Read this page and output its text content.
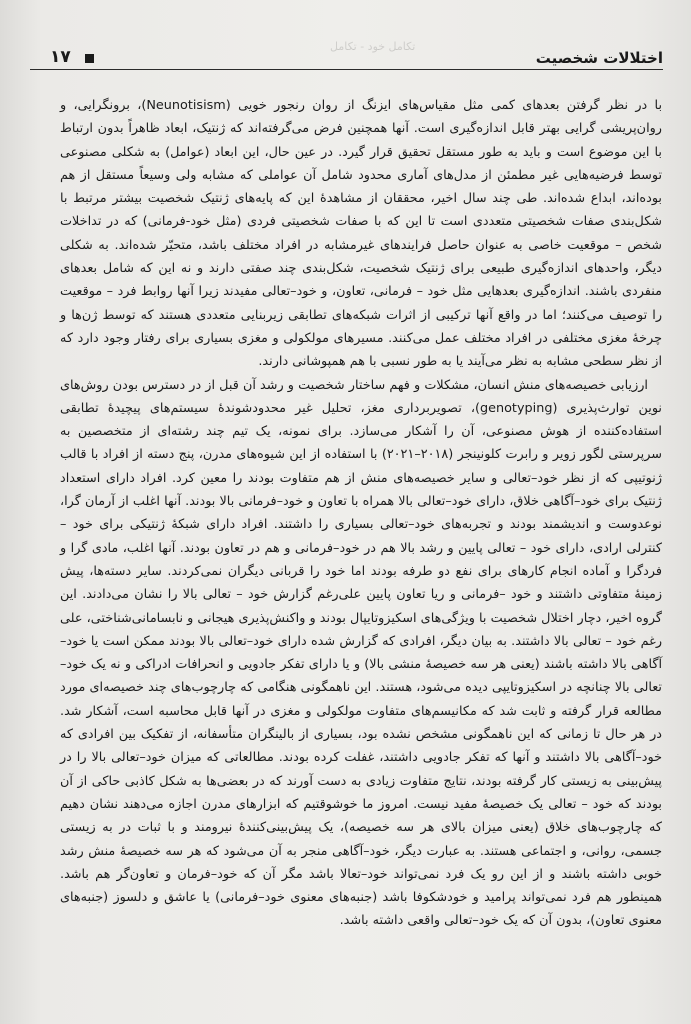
اختلالات شخصیت
۱۷
تکامل خود - تکامل

با در نظر گرفتن بعدهای کمی مثل مقیاس‌های ایزنگ از روان رنجور خویی (Neunotisism)، برونگرایی، و روان‌پریشی گرایی بهتر قابل اندازه‌گیری است. آنها همچنین فرض می‌گرفته‌اند که ژنتیک، ابعاد ظاهراً بدون ارتباط با این موضوع است و باید به طور مستقل تحقیق قرار گیرد. در عین حال، این ابعاد (عوامل) به شکلی مصنوعی توسط فرضیه‌هایی غیر مطمئن از مدل‌های آماری محدود شامل آن عواملی که مشابه ولی وسیعاً مستقل از هم بوده‌اند، ابداع شده‌اند. طی چند سال اخیر، محققان از مشاهدهٔ این که پایه‌های ژنتیک شخصیت بیشتر مرتبط با شکل‌بندی صفات شخصیتی متعددی است تا این که با صفات شخصیتی فردی (مثل خود-فرمانی) که در تداخلات شخص – موقعیت خاصی به عنوان حاصل فرایندهای غیرمشابه در افراد مختلف باشد، متحیّر شده‌اند. به شکلی دیگر، واحدهای اندازه‌گیری طبیعی برای ژنتیک شخصیت، شکل‌بندی چند صفتی دارند و نه این که شامل بعدهای منفردی باشند. اندازه‌گیری بعدهایی مثل خود – فرمانی، تعاون، و خود–تعالی مفیدند زیرا آنها روابط فرد – موقعیت را توصیف می‌کنند؛ اما در واقع آنها ترکیبی از اثرات شبکه‌های تطابقی زیربنایی متعددی هستند که توسط ژن‌ها و چرخهٔ مغزی مختلفی در افراد مختلف عمل می‌کنند. مسیرهای مولکولی و مغزی بسیاری برای رفتار وجود دارد که از نظر سطحی مشابه به نظر می‌آیند یا به طور نسبی با هم همپوشانی دارند.

ارزیابی خصیصه‌های منش انسان، مشکلات و فهم ساختار شخصیت و رشد آن قبل از در دسترس بودن روش‌های نوین توارث‌پذیری (genotyping)، تصویربرداری مغز، تحلیل غیر محدودشوندهٔ سیستم‌های پیچیدهٔ تطابقی استفاده‌کننده از هوش مصنوعی، آن را آشکار می‌سازد. برای نمونه، یک تیم چند رشته‌ای از متخصصین به سرپرستی لگور زویر و رابرت کلونینجر (۲۰۱۸–۲۰۲۱) با استفاده از این شیوه‌های مدرن، پنج دسته از افراد با قالب ژنوتیپی که از نظر خود–تعالی و سایر خصیصه‌های منش از هم متفاوت بودند را معین کرد. افراد دارای استعداد ژنتیک برای خود–آگاهی خلاق، دارای خود–تعالی بالا همراه با تعاون و خود–فرمانی بالا بودند. آنها اغلب از آرمان گرا، نوعدوست و اندیشمند بودند و تجربه‌های خود–تعالی بسیاری را داشتند. افراد دارای شبکهٔ ژنتیکی برای خود – کنترلی ارادی، دارای خود – تعالی پایین و رشد بالا هم در خود–فرمانی و هم در تعاون بودند. آنها اغلب، مادی گرا و فردگرا و آماده انجام کارهای برای نفع دو طرفه بودند اما خود را قربانی دیگران نمی‌کردند. سایر دسته‌ها، پیش زمینهٔ متفاوتی داشتند و خود –فرمانی و ریا تعاون پایین علی‌رغم گزارش خود – تعالی بالا را نشان می‌دادند. این گروه اخیر، دچار اختلال شخصیت با ویژگی‌های اسکیزوتایپال بودند و واکنش‌پذیری هیجانی و نابسامانی‌شناختی، علی رغم خود – تعالی بالا داشتند. به بیان دیگر، افرادی که گزارش شده دارای خود–تعالی بالا بودند ممکن است یا خود–آگاهی بالا داشته باشند (یعنی هر سه خصیصهٔ منشی بالا) و یا دارای تفکر جادویی و انحرافات ادراکی و نه یک خود–تعالی بالا چنانچه در اسکیزوتایپی دیده می‌شود، هستند. این ناهمگونی هنگامی که چارچوب‌های چند خصیصه‌ای مورد مطالعه قرار گرفته و ثابت شد که مکانیسم‌های متفاوت مولکولی و مغزی در آنها قابل محاسبه است، آشکار شد. در هر حال تا زمانی که این ناهمگونی مشخص نشده بود، بسیاری از بالینگران متأسفانه، از تفکیک بین افرادی که خود–آگاهی بالا داشتند و آنها که تفکر جادویی داشتند، غفلت کرده بودند. مطالعاتی که میزان خود–تعالی بالا را در پیش‌بینی به زیستی کار گرفته بودند، نتایج متفاوت زیادی به دست آورند که در بعضی‌ها به شکل کاذبی حاکی از آن بودند که خود – تعالی یک خصیصهٔ مفید نیست. امروز ما خوشوقتیم که ابزارهای مدرن اجازه می‌دهند نشان دهیم که چارچوب‌های خلاق (یعنی میزان بالای هر سه خصیصه)، یک پیش‌بینی‌کنندهٔ نیرومند و با ثبات در به زیستی جسمی، روانی، و اجتماعی هستند. به عبارت دیگر، خود–آگاهی منجر به آن می‌شود که هر سه خصیصهٔ منش رشد خوبی داشته باشند و از این رو یک فرد نمی‌تواند خود–تعالا باشد مگر آن که خود–فرمان و تعاون‌گر هم باشد. همینطور هم فرد نمی‌تواند پرامید و خودشکوفا باشد (جنبه‌های معنوی خود–فرمانی) یا عاشق و دلسوز (جنبه‌های معنوی تعاون)، بدون آن که یک خود–تعالی واقعی داشته باشد.
